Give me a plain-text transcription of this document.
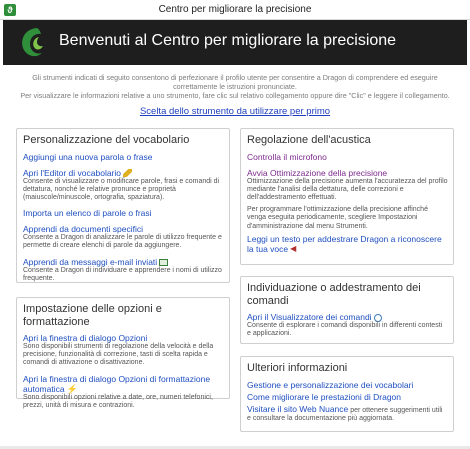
ϑ	Centro per migliorare la precisione
Benvenuti al Centro per migliorare la precisione
Gli strumenti indicati di seguito consentono di perfezionare il profilo utente per consentire a Dragon di comprendere ed eseguire correttamente le istruzioni pronunciate.
Per visualizzare le informazioni relative a uno strumento, fare clic sul relativo collegamento oppure dire "Clic" e leggere il collegamento.
Scelta dello strumento da utilizzare per primo
Personalizzazione del vocabolario
Aggiungi una nuova parola o frase
Apri l'Editor di vocabolario
Consente di visualizzare o modificare parole, frasi e comandi di dettatura, nonché le relative pronunce e proprietà (maiuscole/minuscole, ortografia, spaziatura).
Importa un elenco di parole o frasi
Apprendi da documenti specifici
Consente a Dragon di analizzare le parole di utilizzo frequente e permette di creare elenchi di parole da aggiungere.
Apprendi da messaggi e-mail inviati
Consente a Dragon di individuare e apprendere i nomi di utilizzo frequente.
Impostazione delle opzioni e formattazione
Apri la finestra di dialogo Opzioni
Sono disponibili strumenti di regolazione della velocità e della precisione, funzionalità di correzione, tasti di scelta rapida e comandi di attivazione o disattivazione.
Apri la finestra di dialogo Opzioni di formattazione automatica ⚡
Sono disponibili opzioni relative a date, ore, numeri telefonici, prezzi, unità di misura e contrazioni.
Regolazione dell'acustica
Controlla il microfono
Avvia Ottimizzazione della precisione
Ottimizzazione della precisione aumenta l'accuratezza del profilo mediante l'analisi della dettatura, delle correzioni e dell'addestramento effettuati.
Per programmare l'ottimizzazione della precisione affinché venga eseguita periodicamente, scegliere Impostazioni d'amministrazione dal menu Strumenti.
Leggi un testo per addestrare Dragon a riconoscere la tua voce ◀
Individuazione o addestramento dei comandi
Apri il Visualizzatore dei comandi
Consente di esplorare i comandi disponibili in differenti contesti e applicazioni.
Ulteriori informazioni
Gestione e personalizzazione dei vocabolari
Come migliorare le prestazioni di Dragon
Visitare il sito Web Nuance per ottenere suggerimenti utili e consultare la documentazione più aggiornata.
